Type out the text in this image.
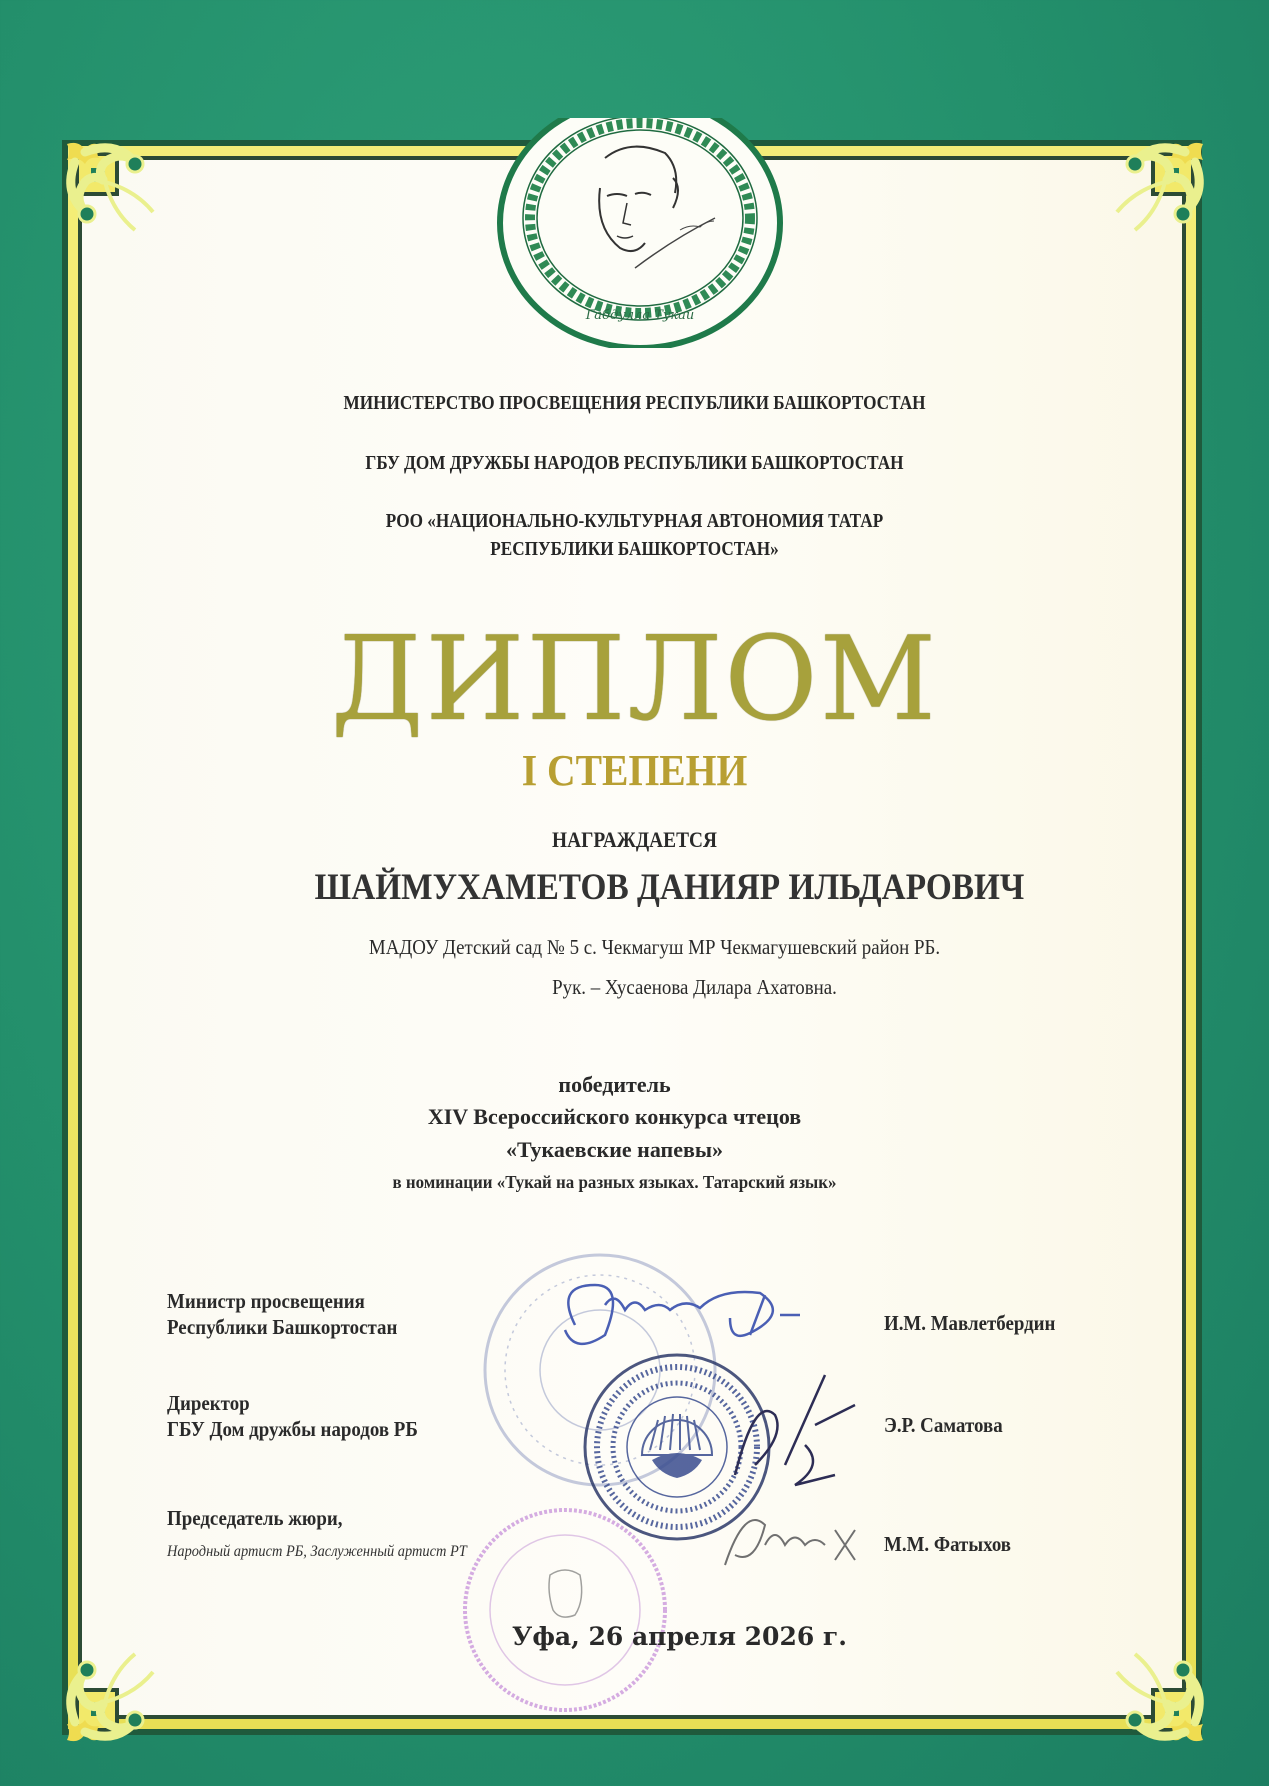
Габдулла Тукай
МИНИСТЕРСТВО ПРОСВЕЩЕНИЯ РЕСПУБЛИКИ БАШКОРТОСТАН
ГБУ ДОМ ДРУЖБЫ НАРОДОВ РЕСПУБЛИКИ БАШКОРТОСТАН
РОО «НАЦИОНАЛЬНО-КУЛЬТУРНАЯ АВТОНОМИЯ ТАТАР
РЕСПУБЛИКИ БАШКОРТОСТАН»
ДИПЛОМ
I СТЕПЕНИ
НАГРАЖДАЕТСЯ
ШАЙМУХАМЕТОВ ДАНИЯР ИЛЬДАРОВИЧ
МАДОУ Детский сад № 5 с. Чекмагуш МР Чекмагушевский район РБ.
Рук. – Хусаенова Дилара Ахатовна.
победитель
XIV Всероссийского конкурса чтецов
«Тукаевские напевы»
в номинации «Тукай на разных языках. Татарский язык»
Министр просвещения
Республики Башкортостан	И.М. Мавлетбердин
Директор
ГБУ Дом дружбы народов РБ	Э.Р. Саматова
Председатель жюри,
Народный артист РБ, Заслуженный артист РТ	М.М. Фатыхов
Уфа, 26 апреля 2026 г.
